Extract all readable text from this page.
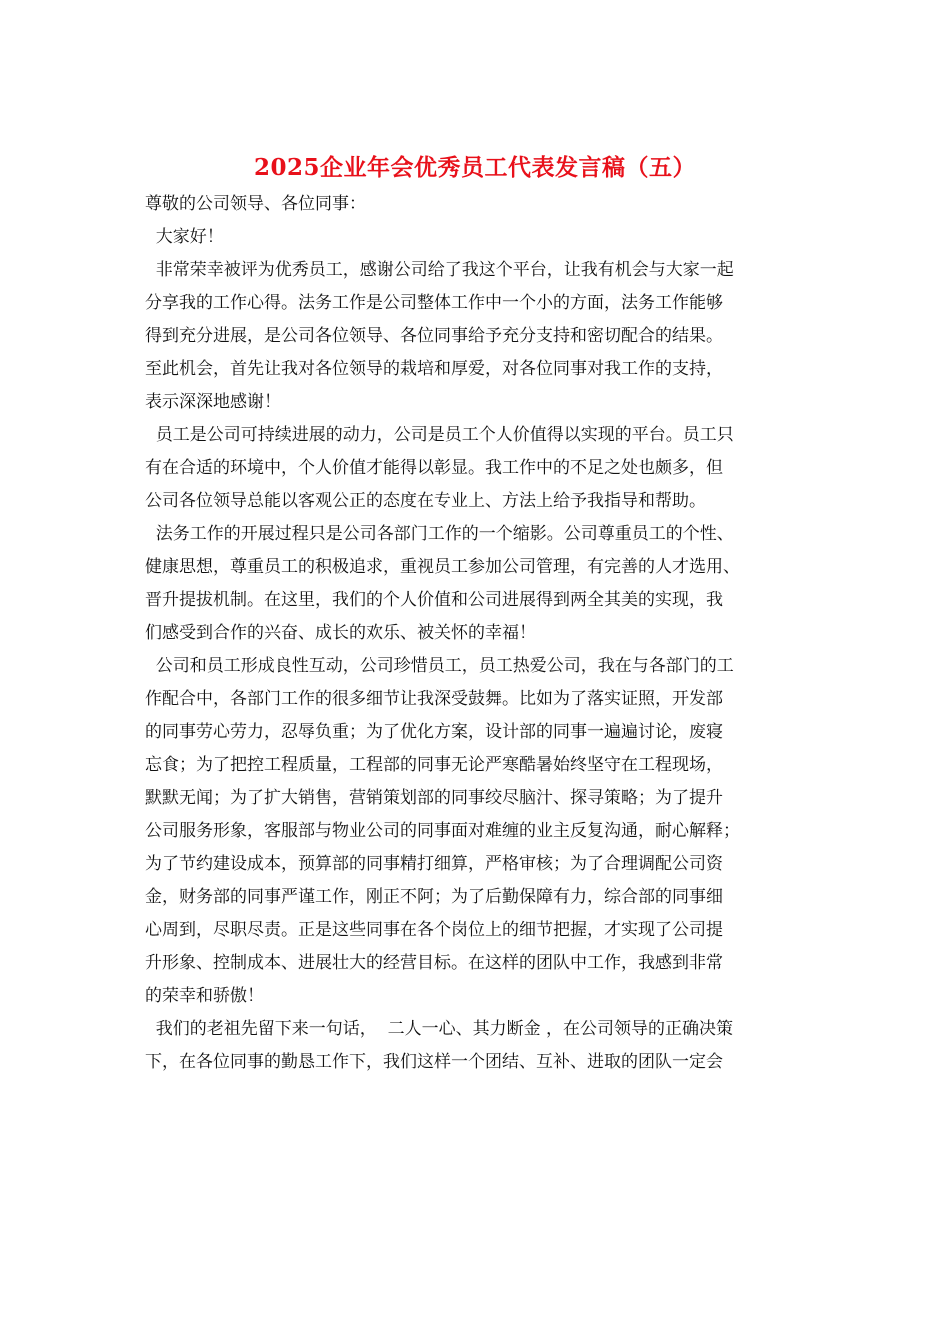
2025企业年会优秀员工代表发言稿（五）
尊敬的公司领导、各位同事：
大家好！
非常荣幸被评为优秀员工，感谢公司给了我这个平台，让我有机会与大家一起
分享我的工作心得。法务工作是公司整体工作中一个小的方面，法务工作能够
得到充分进展，是公司各位领导、各位同事给予充分支持和密切配合的结果。
至此机会，首先让我对各位领导的栽培和厚爱，对各位同事对我工作的支持，
表示深深地感谢！
员工是公司可持续进展的动力，公司是员工个人价值得以实现的平台。员工只
有在合适的环境中，个人价值才能得以彰显。我工作中的不足之处也颇多，但
公司各位领导总能以客观公正的态度在专业上、方法上给予我指导和帮助。
法务工作的开展过程只是公司各部门工作的一个缩影。公司尊重员工的个性、
健康思想，尊重员工的积极追求，重视员工参加公司管理，有完善的人才选用、
晋升提拔机制。在这里，我们的个人价值和公司进展得到两全其美的实现，我
们感受到合作的兴奋、成长的欢乐、被关怀的幸福！
公司和员工形成良性互动，公司珍惜员工，员工热爱公司，我在与各部门的工
作配合中，各部门工作的很多细节让我深受鼓舞。比如为了落实证照，开发部
的同事劳心劳力，忍辱负重；为了优化方案，设计部的同事一遍遍讨论，废寝
忘食；为了把控工程质量，工程部的同事无论严寒酷暑始终坚守在工程现场，
默默无闻；为了扩大销售，营销策划部的同事绞尽脑汁、探寻策略；为了提升
公司服务形象，客服部与物业公司的同事面对难缠的业主反复沟通，耐心解释；
为了节约建设成本，预算部的同事精打细算，严格审核；为了合理调配公司资
金，财务部的同事严谨工作，刚正不阿；为了后勤保障有力，综合部的同事细
心周到，尽职尽责。正是这些同事在各个岗位上的细节把握，才实现了公司提
升形象、控制成本、进展壮大的经营目标。在这样的团队中工作，我感到非常
的荣幸和骄傲！
我们的老祖先留下来一句话，  二人一心、其力断金 ，在公司领导的正确决策
下，在各位同事的勤恳工作下，我们这样一个团结、互补、进取的团队一定会
